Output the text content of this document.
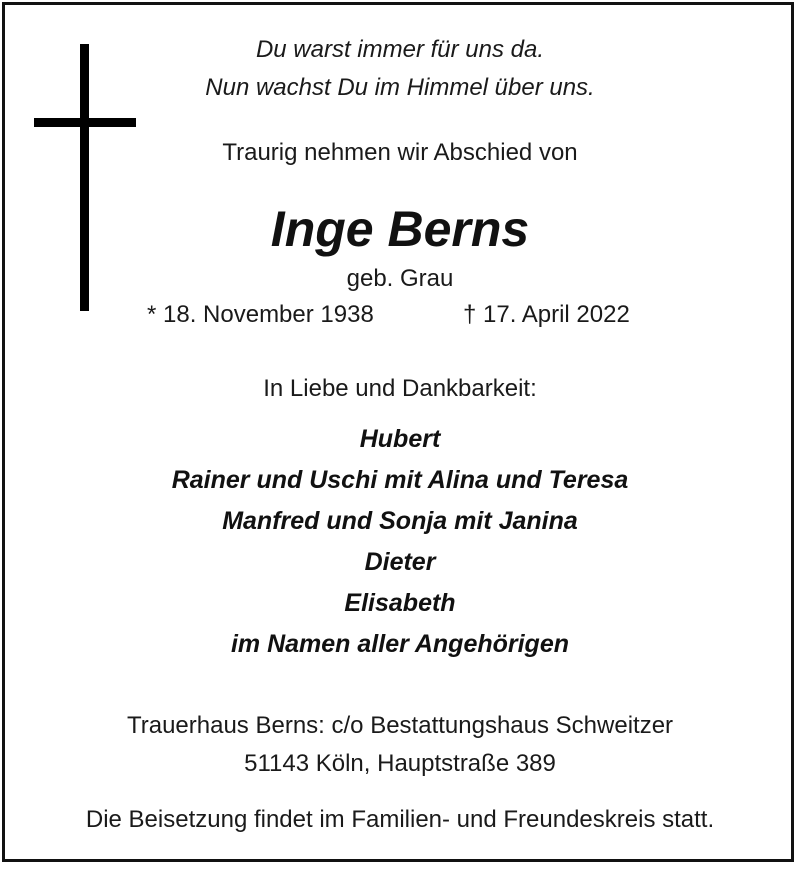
Du warst immer für uns da.
Nun wachst Du im Himmel über uns.
Traurig nehmen wir Abschied von
Inge Berns
geb. Grau
* 18. November 1938	† 17. April 2022
In Liebe und Dankbarkeit:
Hubert
Rainer und Uschi mit Alina und Teresa
Manfred und Sonja mit Janina
Dieter
Elisabeth
im Namen aller Angehörigen
Trauerhaus Berns: c/o Bestattungshaus Schweitzer
51143 Köln, Hauptstraße 389
Die Beisetzung findet im Familien- und Freundeskreis statt.
